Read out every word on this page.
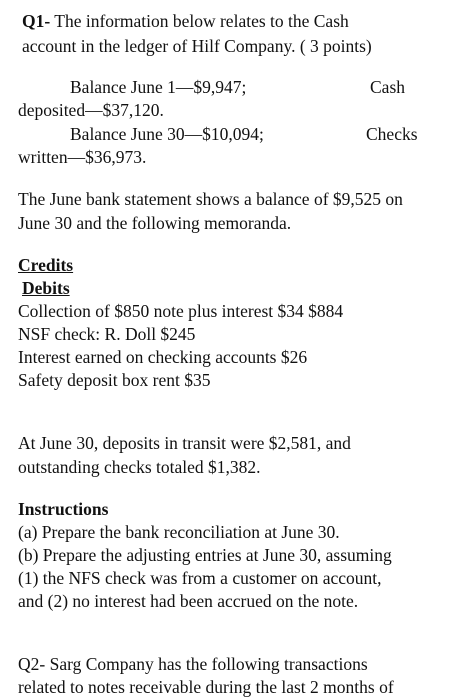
Q1- The information below relates to the Cash
account in the ledger of Hilf Company. ( 3 points)
Balance June 1—$9,947;	Cash
deposited—$37,120.
Balance June 30—$10,094;	Checks
written—$36,973.
The June bank statement shows a balance of $9,525 on
June 30 and the following memoranda.
Credits
Debits
Collection of $850 note plus interest $34 $884
NSF check: R. Doll $245
Interest earned on checking accounts $26
Safety deposit box rent $35
At June 30, deposits in transit were $2,581, and
outstanding checks totaled $1,382.
Instructions
(a) Prepare the bank reconciliation at June 30.
(b) Prepare the adjusting entries at June 30, assuming
(1) the NFS check was from a customer on account,
and (2) no interest had been accrued on the note.
Q2- Sarg Company has the following transactions
related to notes receivable during the last 2 months of
